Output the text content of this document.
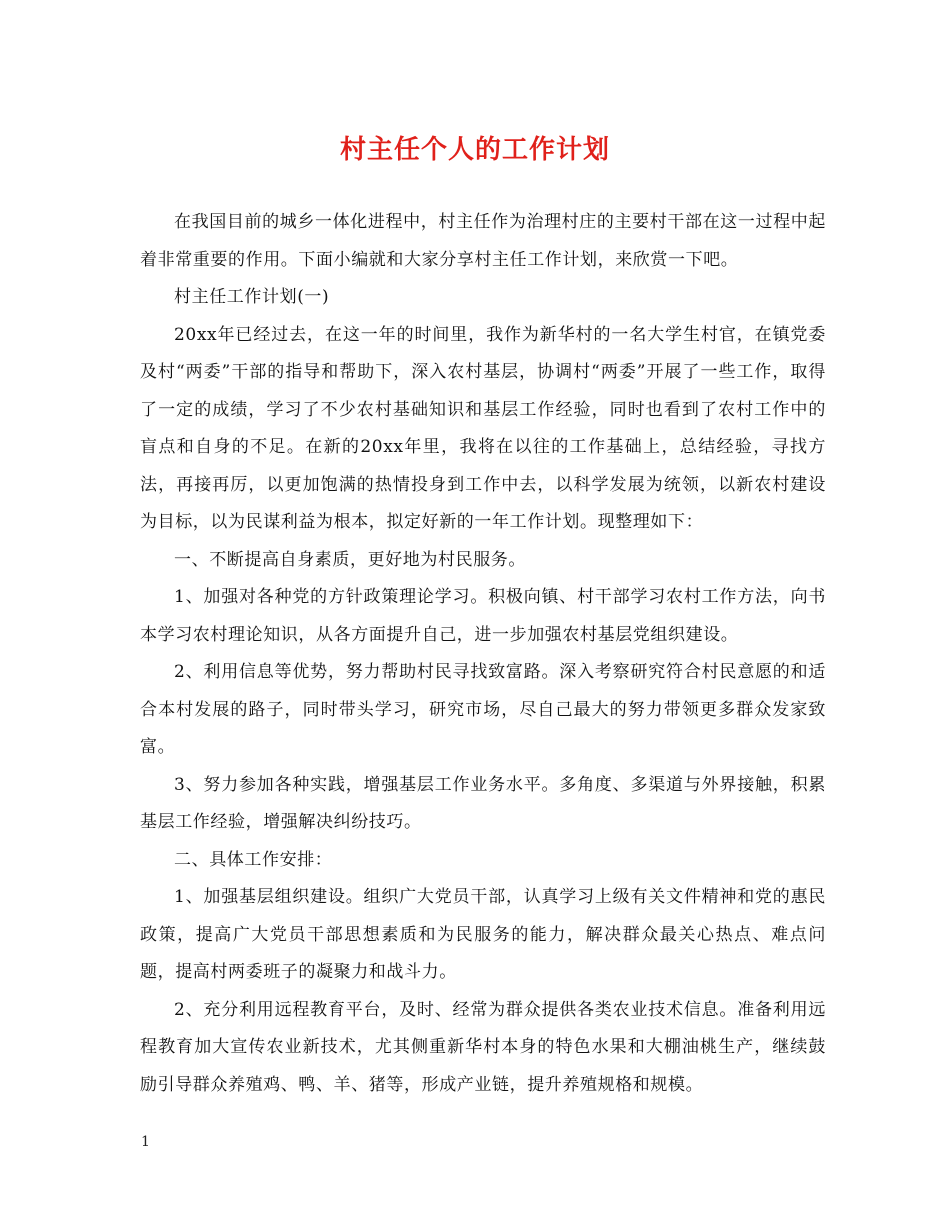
村主任个人的工作计划

在我国目前的城乡一体化进程中，村主任作为治理村庄的主要村干部在这一过程中起着非常重要的作用。下面小编就和大家分享村主任工作计划，来欣赏一下吧。

村主任工作计划(一)

20xx年已经过去，在这一年的时间里，我作为新华村的一名大学生村官，在镇党委及村“两委”干部的指导和帮助下，深入农村基层，协调村“两委”开展了一些工作，取得了一定的成绩，学习了不少农村基础知识和基层工作经验，同时也看到了农村工作中的盲点和自身的不足。在新的20xx年里，我将在以往的工作基础上，总结经验，寻找方法，再接再厉，以更加饱满的热情投身到工作中去，以科学发展为统领，以新农村建设为目标，以为民谋利益为根本，拟定好新的一年工作计划。现整理如下：

一、不断提高自身素质，更好地为村民服务。

1、加强对各种党的方针政策理论学习。积极向镇、村干部学习农村工作方法，向书本学习农村理论知识，从各方面提升自己，进一步加强农村基层党组织建设。

2、利用信息等优势，努力帮助村民寻找致富路。深入考察研究符合村民意愿的和适合本村发展的路子，同时带头学习，研究市场，尽自己最大的努力带领更多群众发家致富。

3、努力参加各种实践，增强基层工作业务水平。多角度、多渠道与外界接触，积累基层工作经验，增强解决纠纷技巧。

二、具体工作安排：

1、加强基层组织建设。组织广大党员干部，认真学习上级有关文件精神和党的惠民政策，提高广大党员干部思想素质和为民服务的能力，解决群众最关心热点、难点问题，提高村两委班子的凝聚力和战斗力。

2、充分利用远程教育平台，及时、经常为群众提供各类农业技术信息。准备利用远程教育加大宣传农业新技术，尤其侧重新华村本身的特色水果和大棚油桃生产，继续鼓励引导群众养殖鸡、鸭、羊、猪等，形成产业链，提升养殖规格和规模。

1
